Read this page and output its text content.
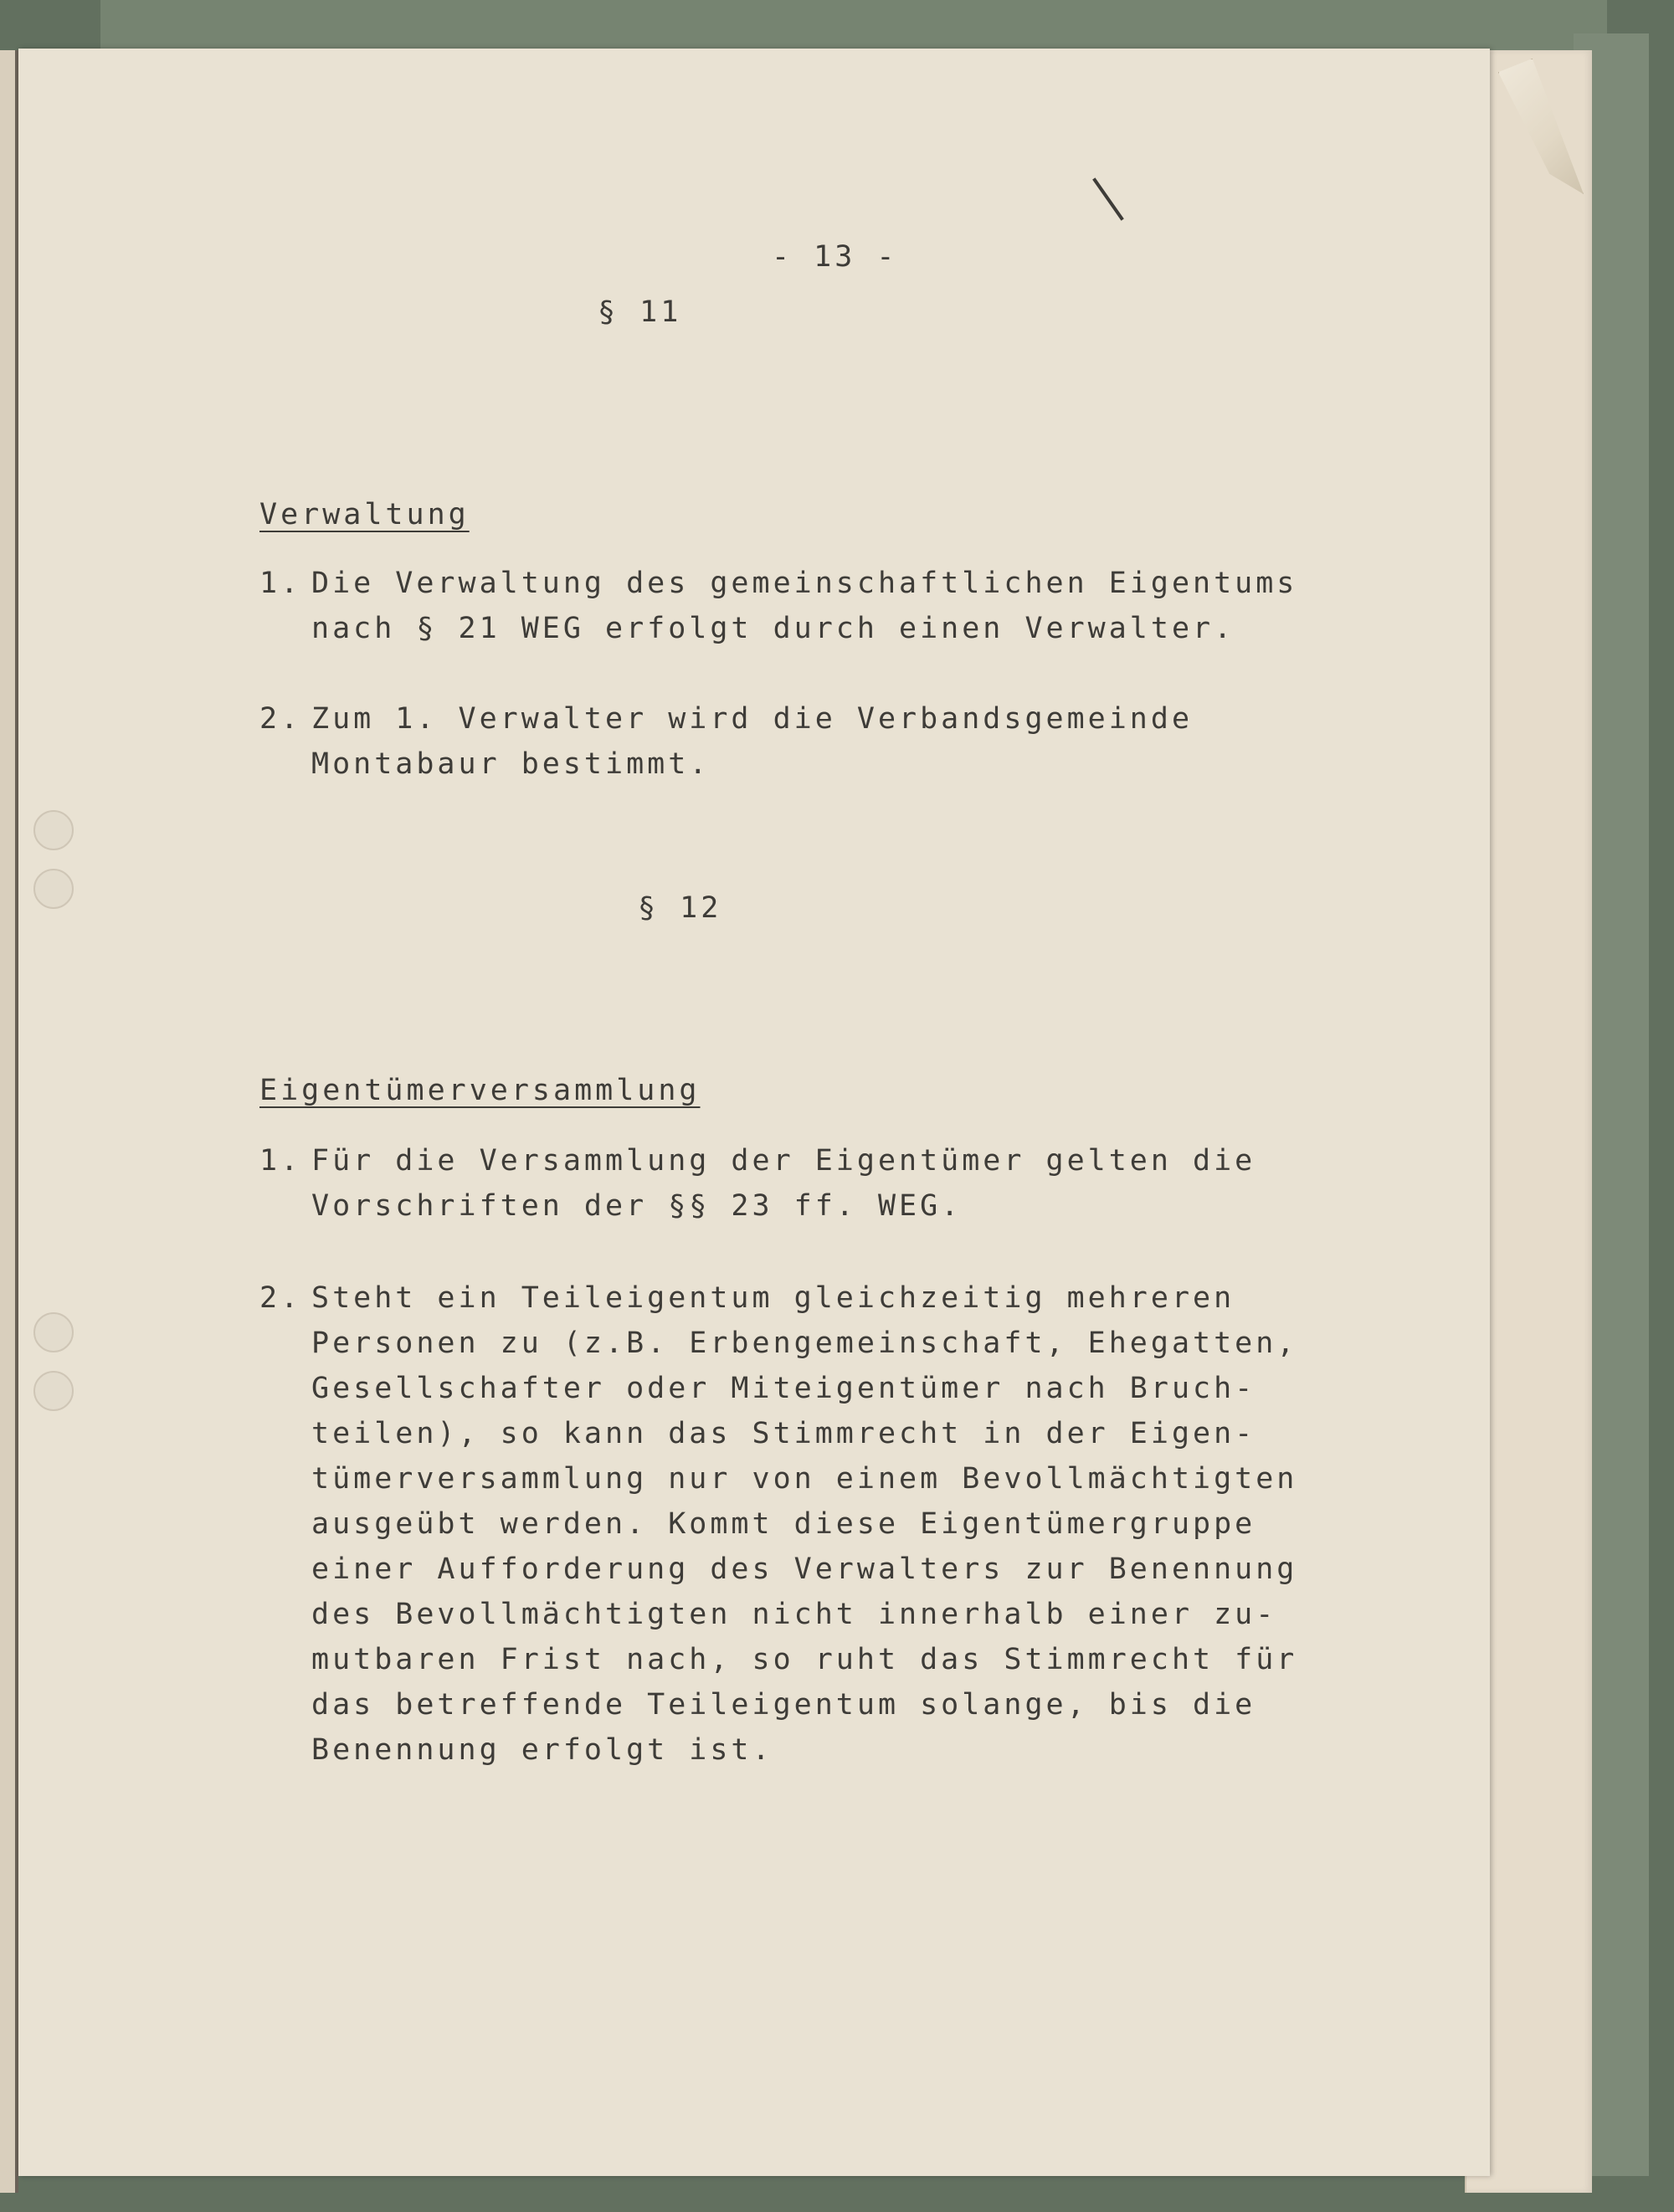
- 13 -
§ 11
Verwaltung
1. Die Verwaltung des gemeinschaftlichen Eigentums
nach § 21 WEG erfolgt durch einen Verwalter.
2. Zum 1. Verwalter wird die Verbandsgemeinde
Montabaur bestimmt.
§ 12
Eigentümerversammlung
1. Für die Versammlung der Eigentümer gelten die
Vorschriften der §§ 23 ff. WEG.
2. Steht ein Teileigentum gleichzeitig mehreren
Personen zu (z.B. Erbengemeinschaft, Ehegatten,
Gesellschafter oder Miteigentümer nach Bruch-
teilen), so kann das Stimmrecht in der Eigen-
tümerversammlung nur von einem Bevollmächtigten
ausgeübt werden. Kommt diese Eigentümergruppe
einer Aufforderung des Verwalters zur Benennung
des Bevollmächtigten nicht innerhalb einer zu-
mutbaren Frist nach, so ruht das Stimmrecht für
das betreffende Teileigentum solange, bis die
Benennung erfolgt ist.
